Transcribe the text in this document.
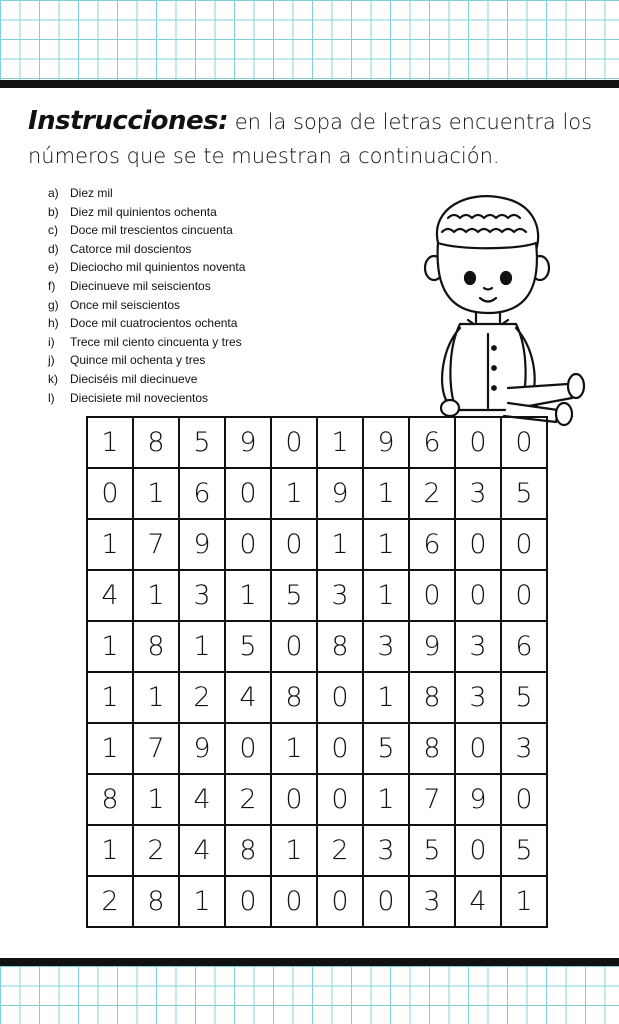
Instrucciones: en la sopa de letras encuentra los números que se te muestran a continuación.
a) Diez mil
b) Diez mil quinientos ochenta
c)	Doce mil trescientos cincuenta
d) Catorce mil doscientos
e) Dieciocho mil quinientos noventa
f)	Diecinueve mil seiscientos
g) Once mil seiscientos
h) Doce mil cuatrocientos ochenta
i)	Trece mil ciento cincuenta y tres
j)	Quince mil ochenta y tres
k)	Dieciséis mil diecinueve
l)	Diecisiete mil novecientos
1	8	5	9	0	1	9	6	0	0
0	1	6	0	1	9	1	2	3	5
1	7	9	0	0	1	1	6	0	0
4	1	3	1	5	3	1	0	0	0
1	8	1	5	0	8	3	9	3	6
1	1	2	4	8	0	1	8	3	5
1	7	9	0	1	0	5	8	0	3
8	1	4	2	0	0	1	7	9	0
1	2	4	8	1	2	3	5	0	5
2	8	1	0	0	0	0	3	4	1
